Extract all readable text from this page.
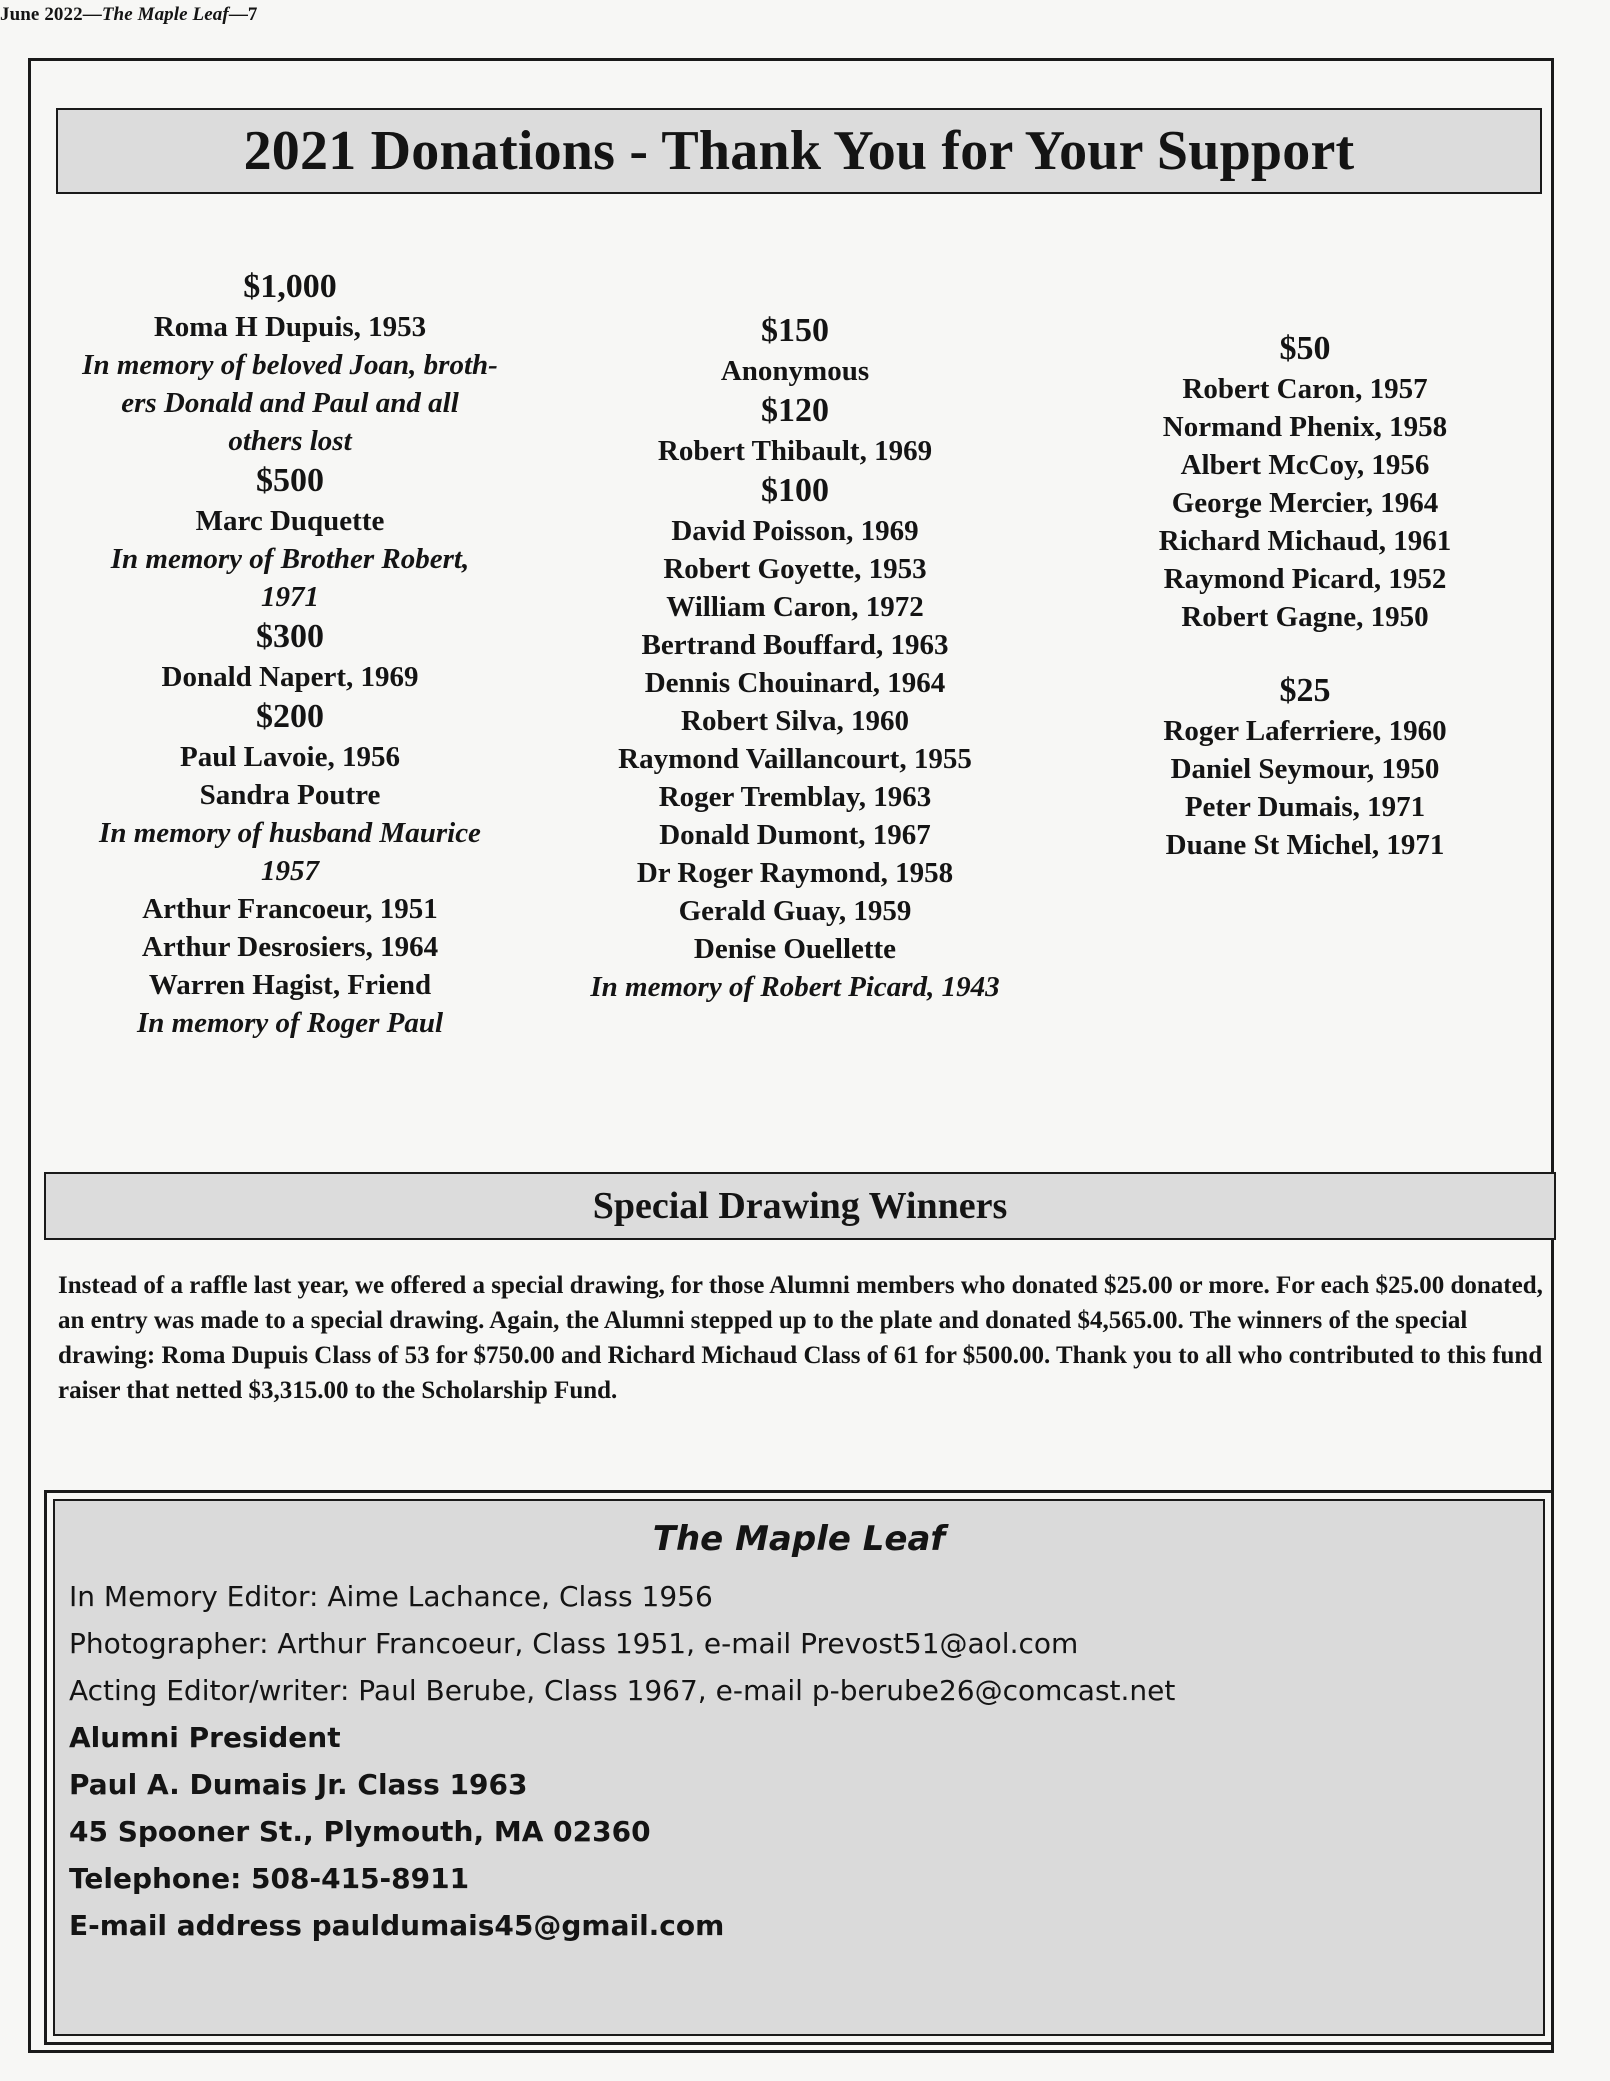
June 2022—The Maple Leaf—7
2021 Donations - Thank You for Your Support
$1,000
Roma H Dupuis, 1953
In memory of beloved Joan, broth-
ers Donald and Paul and all
others lost
$500
Marc Duquette
In memory of Brother Robert,
1971
$300
Donald Napert, 1969
$200
Paul Lavoie, 1956
Sandra Poutre
In memory of husband Maurice
1957
Arthur Francoeur, 1951
Arthur Desrosiers, 1964
Warren Hagist, Friend
In memory of Roger Paul
$150
Anonymous
$120
Robert Thibault, 1969
$100
David Poisson, 1969
Robert Goyette, 1953
William Caron, 1972
Bertrand Bouffard, 1963
Dennis Chouinard, 1964
Robert Silva, 1960
Raymond Vaillancourt, 1955
Roger Tremblay, 1963
Donald Dumont, 1967
Dr Roger Raymond, 1958
Gerald Guay, 1959
Denise Ouellette
In memory of Robert Picard, 1943
$50
Robert Caron, 1957
Normand Phenix, 1958
Albert McCoy, 1956
George Mercier, 1964
Richard Michaud, 1961
Raymond Picard, 1952
Robert Gagne, 1950
$25
Roger Laferriere, 1960
Daniel Seymour, 1950
Peter Dumais, 1971
Duane St Michel, 1971
Special Drawing Winners
Instead of a raffle last year, we offered a special drawing, for those Alumni members who donated $25.00 or more. For each $25.00 donated, an entry was made to a special drawing. Again, the Alumni stepped up to the plate and donated $4,565.00. The winners of the special drawing: Roma Dupuis Class of 53 for $750.00 and Richard Michaud Class of 61 for $500.00. Thank you to all who contributed to this fund raiser that netted $3,315.00 to the Scholarship Fund.
The Maple Leaf
In Memory Editor: Aime Lachance, Class 1956
Photographer: Arthur Francoeur, Class 1951, e-mail Prevost51@aol.com
Acting Editor/writer: Paul Berube, Class 1967, e-mail p-berube26@comcast.net
Alumni President
Paul A. Dumais Jr. Class 1963
45 Spooner St., Plymouth, MA 02360
Telephone: 508-415-8911
E-mail address pauldumais45@gmail.com
